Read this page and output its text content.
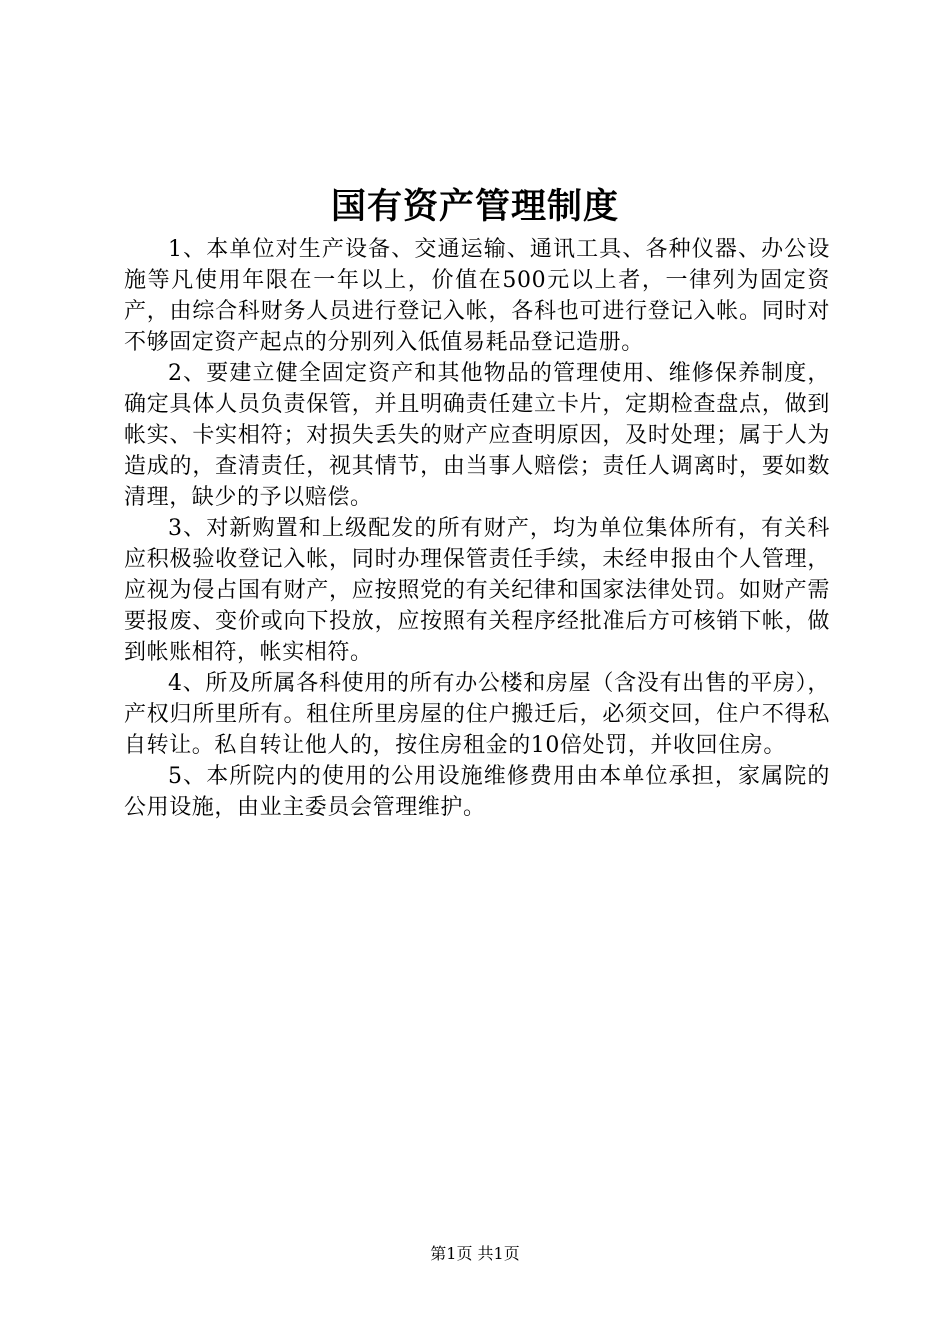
国有资产管理制度

1、本单位对生产设备、交通运输、通讯工具、各种仪器、办公设施等凡使用年限在一年以上，价值在500元以上者，一律列为固定资产，由综合科财务人员进行登记入帐，各科也可进行登记入帐。同时对不够固定资产起点的分别列入低值易耗品登记造册。

2、要建立健全固定资产和其他物品的管理使用、维修保养制度，确定具体人员负责保管，并且明确责任建立卡片，定期检查盘点，做到帐实、卡实相符；对损失丢失的财产应查明原因，及时处理；属于人为造成的，查清责任，视其情节，由当事人赔偿；责任人调离时，要如数清理，缺少的予以赔偿。

3、对新购置和上级配发的所有财产，均为单位集体所有，有关科应积极验收登记入帐，同时办理保管责任手续，未经申报由个人管理，应视为侵占国有财产，应按照党的有关纪律和国家法律处罚。如财产需要报废、变价或向下投放，应按照有关程序经批准后方可核销下帐，做到帐账相符，帐实相符。

4、所及所属各科使用的所有办公楼和房屋（含没有出售的平房），产权归所里所有。租住所里房屋的住户搬迁后，必须交回，住户不得私自转让。私自转让他人的，按住房租金的10倍处罚，并收回住房。

5、本所院内的使用的公用设施维修费用由本单位承担，家属院的公用设施，由业主委员会管理维护。

第1页 共1页
